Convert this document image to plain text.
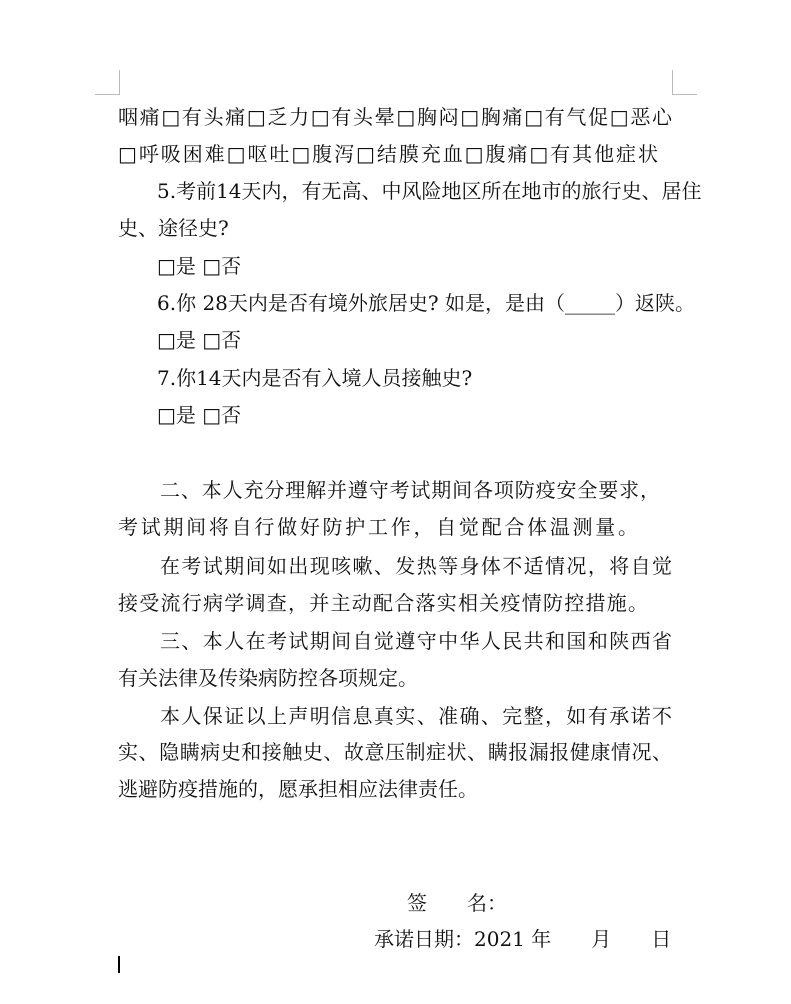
咽痛□有头痛□乏力□有头晕□胸闷□胸痛□有气促□恶心
□呼吸困难□呕吐□腹泻□结膜充血□腹痛□有其他症状
5.考前14天内，有无高、中风险地区所在地市的旅行史、居住
史、途径史?
□是 □否
6.你 28天内是否有境外旅居史? 如是，是由（_____）返陕。
□是 □否
7.你14天内是否有入境人员接触史?
□是 □否
二、本人充分理解并遵守考试期间各项防疫安全要求，
考试期间将自行做好防护工作，自觉配合体温测量。
在考试期间如出现咳嗽、发热等身体不适情况，将自觉
接受流行病学调查，并主动配合落实相关疫情防控措施。
三、本人在考试期间自觉遵守中华人民共和国和陕西省
有关法律及传染病防控各项规定。
本人保证以上声明信息真实、准确、完整，如有承诺不
实、隐瞒病史和接触史、故意压制症状、瞒报漏报健康情况、
逃避防疫措施的，愿承担相应法律责任。
签　　名：
承诺日期：2021 年　　月　　日
